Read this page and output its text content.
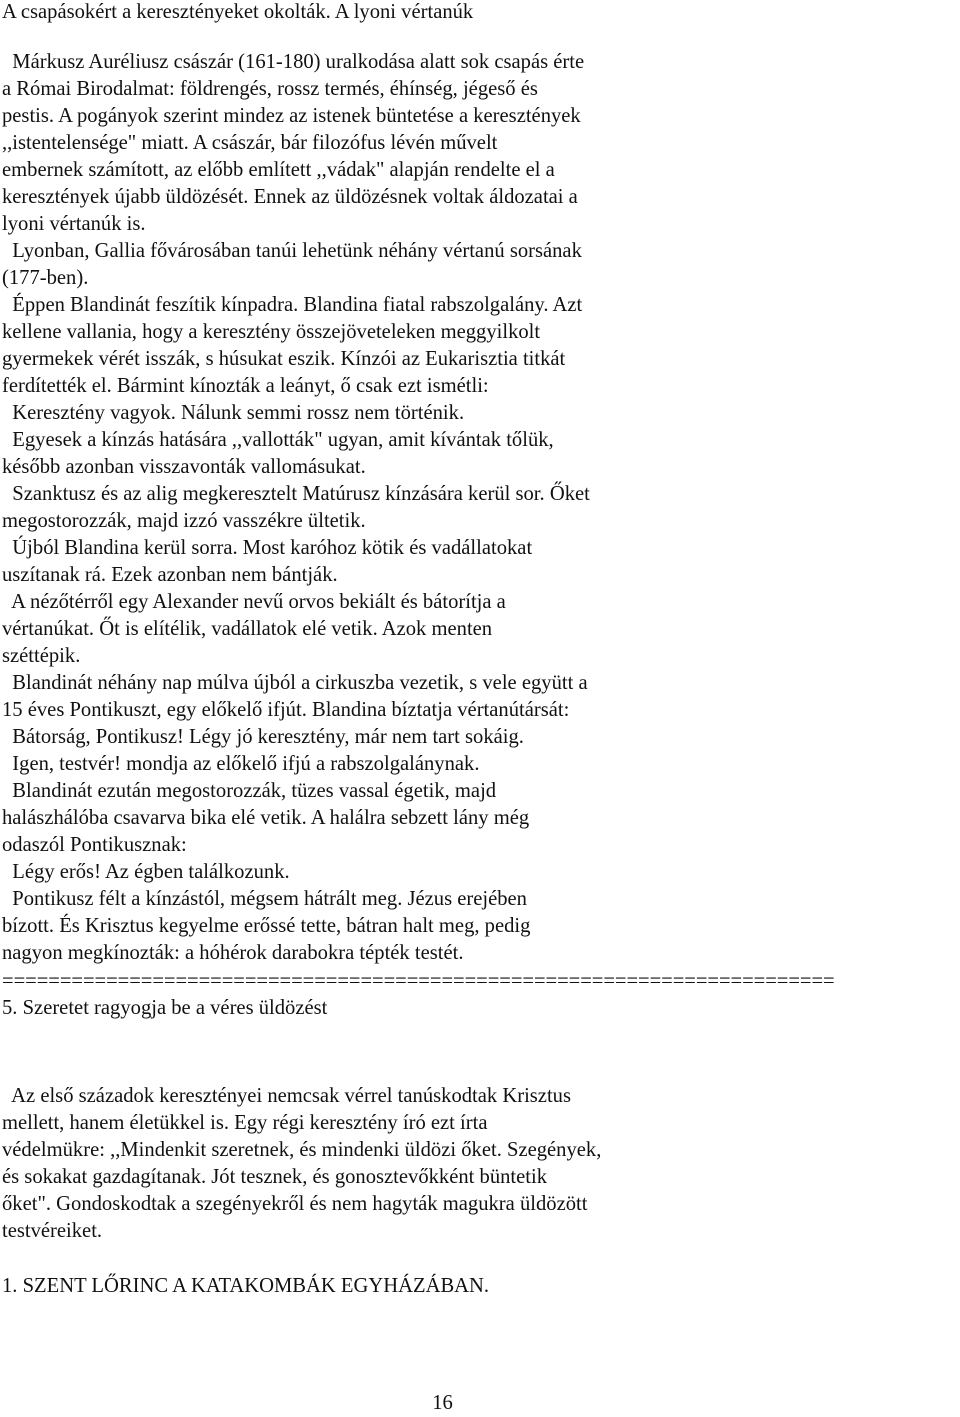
A csapásokért a keresztényeket okolták. A lyoni vértanúk
Márkusz Auréliusz császár (161-180) uralkodása alatt sok csapás érte
a Római Birodalmat: földrengés, rossz termés, éhínség, jégeső és
pestis. A pogányok szerint mindez az istenek büntetése a keresztények
,,istentelensége" miatt. A császár, bár filozófus lévén művelt
embernek számított, az előbb említett ,,vádak" alapján rendelte el a
keresztények újabb üldözését. Ennek az üldözésnek voltak áldozatai a
lyoni vértanúk is.
Lyonban, Gallia fővárosában tanúi lehetünk néhány vértanú sorsának
(177-ben).
Éppen Blandinát feszítik kínpadra. Blandina fiatal rabszolgalány. Azt
kellene vallania, hogy a keresztény összejöveteleken meggyilkolt
gyermekek vérét isszák, s húsukat eszik. Kínzói az Eukarisztia titkát
ferdítették el. Bármint kínozták a leányt, ő csak ezt ismétli:
Keresztény vagyok. Nálunk semmi rossz nem történik.
Egyesek a kínzás hatására ,,vallották" ugyan, amit kívántak tőlük,
később azonban visszavonták vallomásukat.
Szanktusz és az alig megkeresztelt Matúrusz kínzására kerül sor. Őket
megostorozzák, majd izzó vasszékre ültetik.
Újból Blandina kerül sorra. Most karóhoz kötik és vadállatokat
uszítanak rá. Ezek azonban nem bántják.
A nézőtérről egy Alexander nevű orvos bekiált és bátorítja a
vértanúkat. Őt is elítélik, vadállatok elé vetik. Azok menten
széttépik.
Blandinát néhány nap múlva újból a cirkuszba vezetik, s vele együtt a
15 éves Pontikuszt, egy előkelő ifjút. Blandina bíztatja vértanútársát:
Bátorság, Pontikusz! Légy jó keresztény, már nem tart sokáig.
Igen, testvér! mondja az előkelő ifjú a rabszolgalánynak.
Blandinát ezután megostorozzák, tüzes vassal égetik, majd
halászhálóba csavarva bika elé vetik. A halálra sebzett lány még
odaszól Pontikusznak:
Légy erős! Az égben találkozunk.
Pontikusz félt a kínzástól, mégsem hátrált meg. Jézus erejében
bízott. És Krisztus kegyelme erőssé tette, bátran halt meg, pedig
nagyon megkínozták: a hóhérok darabokra tépték testét.
========================================================================
5. Szeretet ragyogja be a véres üldözést
Az első századok keresztényei nemcsak vérrel tanúskodtak Krisztus
mellett, hanem életükkel is. Egy régi keresztény író ezt írta
védelmükre: ,,Mindenkit szeretnek, és mindenki üldözi őket. Szegények,
és sokakat gazdagítanak. Jót tesznek, és gonosztevőkként büntetik
őket". Gondoskodtak a szegényekről és nem hagyták magukra üldözött
testvéreiket.
1. SZENT LŐRINC A KATAKOMBÁK EGYHÁZÁBAN.
16
